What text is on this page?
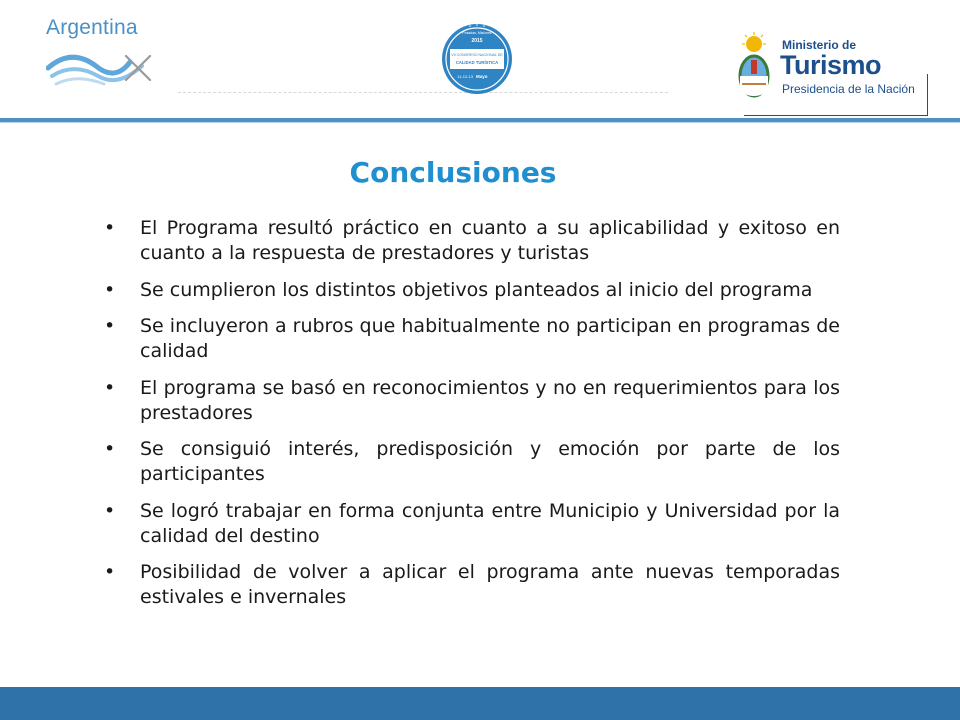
Argentina	Posadas, Misiones
2015
VII CONGRESO NACIONAL DE
CALIDAD TURÍSTICA
11-12-13 Mayo
Ministerio de
Turismo
Presidencia de la Nación
Conclusiones
• El Programa resultó práctico en cuanto a su aplicabilidad y exitoso en cuanto a la respuesta de prestadores y turistas
• Se cumplieron los distintos objetivos planteados al inicio del programa
• Se incluyeron a rubros que habitualmente no participan en programas de calidad
• El programa se basó en reconocimientos y no en requerimientos para los prestadores
• Se consiguió interés, predisposición y emoción por parte de los participantes
• Se logró trabajar en forma conjunta entre Municipio y Universidad por la calidad del destino
• Posibilidad de volver a aplicar el programa ante nuevas temporadas estivales e invernales
